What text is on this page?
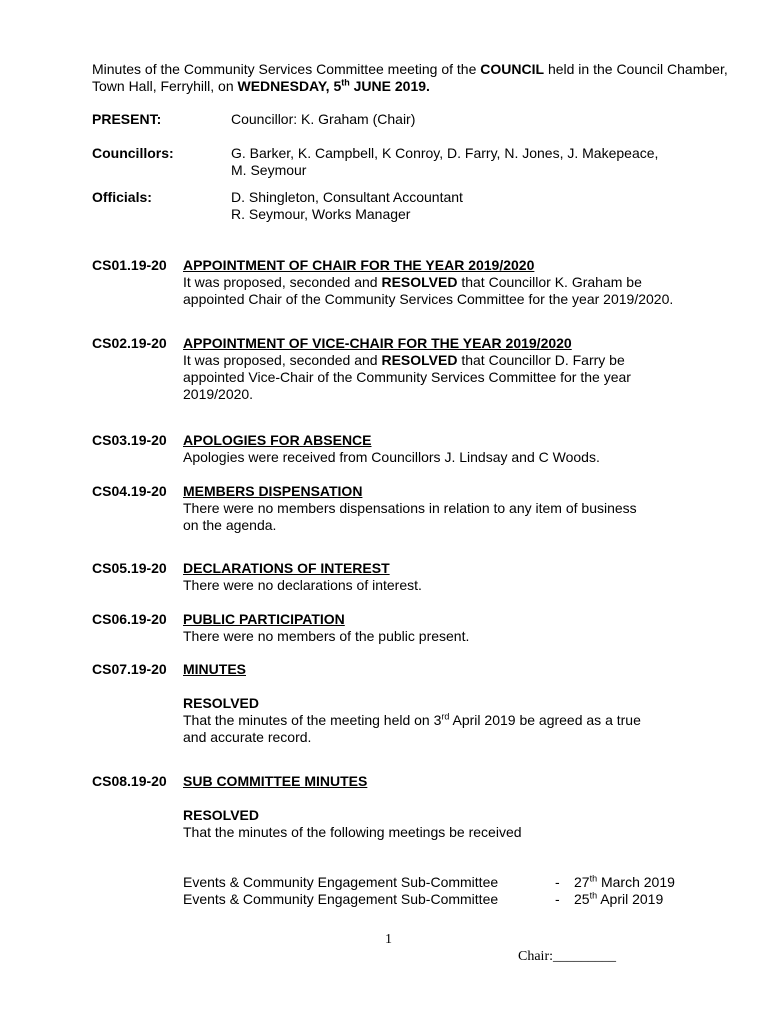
Minutes of the Community Services Committee meeting of the COUNCIL held in the Council Chamber, Town Hall, Ferryhill, on WEDNESDAY, 5th JUNE 2019.
PRESENT:	Councillor: K. Graham (Chair)
Councillors:	G. Barker, K. Campbell, K Conroy, D. Farry, N. Jones, J. Makepeace,
M. Seymour
Officials:	D. Shingleton, Consultant Accountant
R. Seymour, Works Manager
CS01.19-20 APPOINTMENT OF CHAIR FOR THE YEAR 2019/2020
It was proposed, seconded and RESOLVED that Councillor K. Graham be
appointed Chair of the Community Services Committee for the year 2019/2020.
CS02.19-20 APPOINTMENT OF VICE-CHAIR FOR THE YEAR 2019/2020
It was proposed, seconded and RESOLVED that Councillor D. Farry be
appointed Vice-Chair of the Community Services Committee for the year
2019/2020.
CS03.19-20 APOLOGIES FOR ABSENCE
Apologies were received from Councillors J. Lindsay and C Woods.
CS04.19-20 MEMBERS DISPENSATION
There were no members dispensations in relation to any item of business
on the agenda.
CS05.19-20 DECLARATIONS OF INTEREST
There were no declarations of interest.
CS06.19-20 PUBLIC PARTICIPATION
There were no members of the public present.
CS07.19-20 MINUTES
RESOLVED
That the minutes of the meeting held on 3rd April 2019 be agreed as a true
and accurate record.
CS08.19-20 SUB COMMITTEE MINUTES
RESOLVED
That the minutes of the following meetings be received
Events & Community Engagement Sub-Committee	- 27th March 2019
Events & Community Engagement Sub-Committee	- 25th April 2019
1
Chair:_________
